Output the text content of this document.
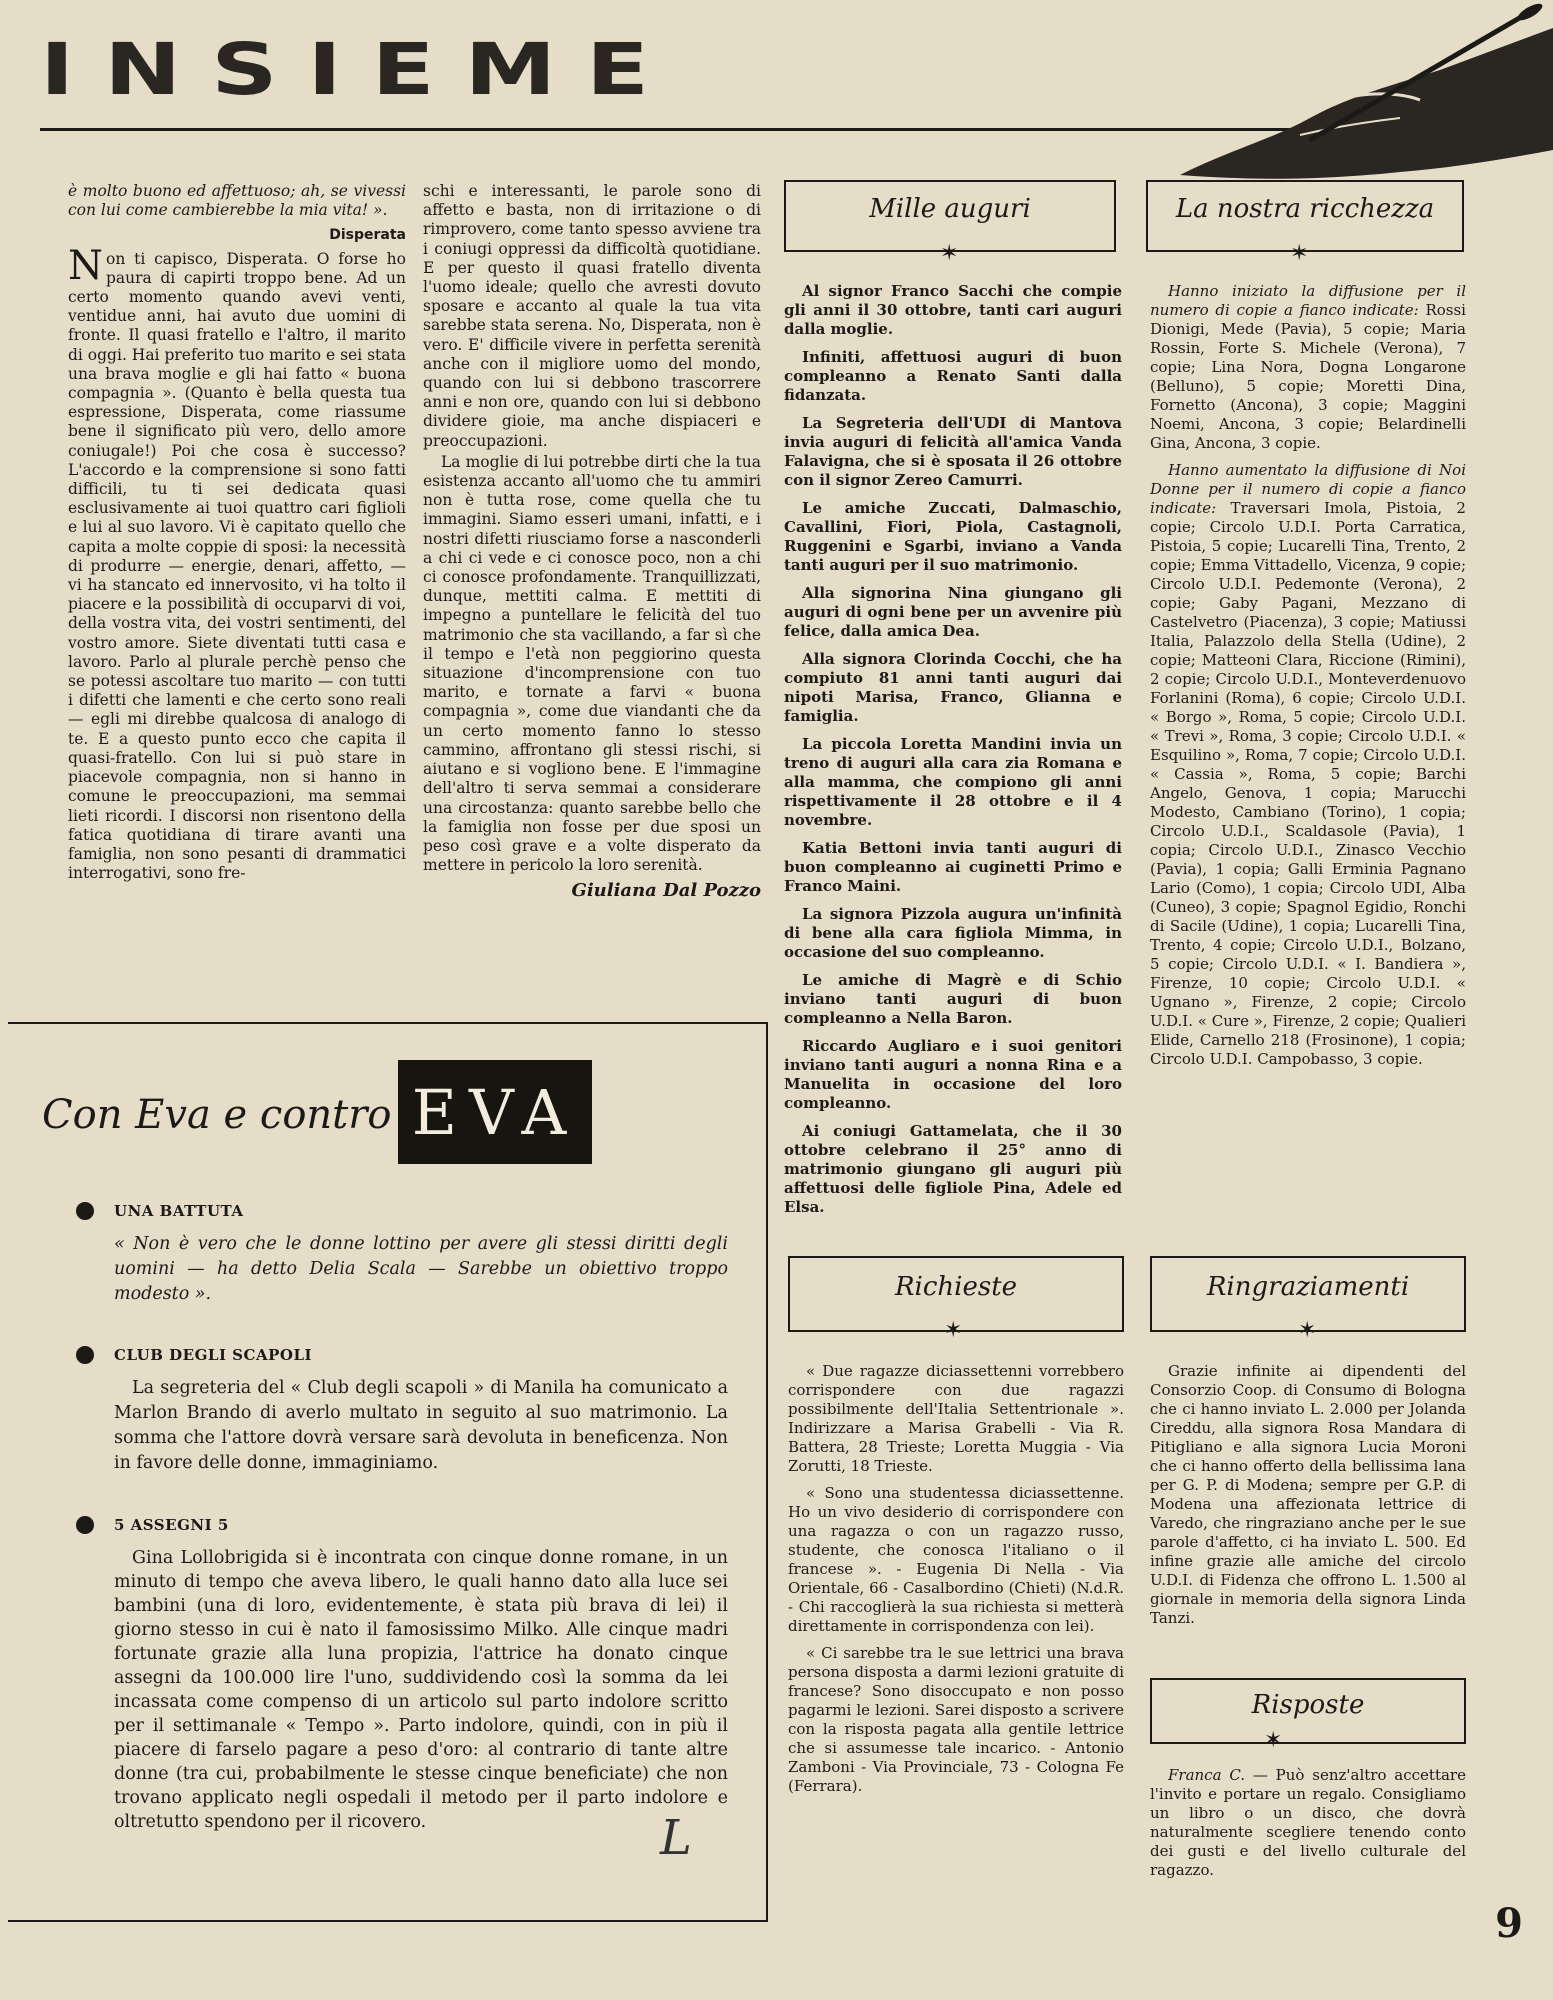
INSIEME

è molto buono ed affettuoso; ah, se vivessi con lui come cambierebbe la mia vita! ».

Disperata

Non ti capisco, Disperata. O forse ho paura di capirti troppo bene. Ad un certo momento quando avevi venti, ventidue anni, hai avuto due uomini di fronte. Il quasi fratello e l'altro, il marito di oggi. Hai preferito tuo marito e sei stata una brava moglie e gli hai fatto « buona compagnia ». (Quanto è bella questa tua espressione, Disperata, come riassume bene il significato più vero, dello amore coniugale!) Poi che cosa è successo? L'accordo e la comprensione si sono fatti difficili, tu ti sei dedicata quasi esclusivamente ai tuoi quattro cari figlioli e lui al suo lavoro. Vi è capitato quello che capita a molte coppie di sposi: la necessità di produrre — energie, denari, affetto, — vi ha stancato ed innervosito, vi ha tolto il piacere e la possibilità di occuparvi di voi, della vostra vita, dei vostri sentimenti, del vostro amore. Siete diventati tutti casa e lavoro. Parlo al plurale perchè penso che se potessi ascoltare tuo marito — con tutti i difetti che lamenti e che certo sono reali — egli mi direbbe qualcosa di analogo di te. E a questo punto ecco che capita il quasi-fratello. Con lui si può stare in piacevole compagnia, non si hanno in comune le preoccupazioni, ma semmai lieti ricordi. I discorsi non risentono della fatica quotidiana di tirare avanti una famiglia, non sono pesanti di drammatici interrogativi, sono fre-

schi e interessanti, le parole sono di affetto e basta, non di irritazione o di rimprovero, come tanto spesso avviene tra i coniugi oppressi da difficoltà quotidiane. E per questo il quasi fratello diventa l'uomo ideale; quello che avresti dovuto sposare e accanto al quale la tua vita sarebbe stata serena. No, Disperata, non è vero. E' difficile vivere in perfetta serenità anche con il migliore uomo del mondo, quando con lui si debbono trascorrere anni e non ore, quando con lui si debbono dividere gioie, ma anche dispiaceri e preoccupazioni.

La moglie di lui potrebbe dirti che la tua esistenza accanto all'uomo che tu ammiri non è tutta rose, come quella che tu immagini. Siamo esseri umani, infatti, e i nostri difetti riusciamo forse a nasconderli a chi ci vede e ci conosce poco, non a chi ci conosce profondamente. Tranquillizzati, dunque, mettiti calma. E mettiti di impegno a puntellare le felicità del tuo matrimonio che sta vacillando, a far sì che il tempo e l'età non peggiorino questa situazione d'incomprensione con tuo marito, e tornate a farvi « buona compagnia », come due viandanti che da un certo momento fanno lo stesso cammino, affrontano gli stessi rischi, si aiutano e si vogliono bene. E l'immagine dell'altro ti serva semmai a considerare una circostanza: quanto sarebbe bello che la famiglia non fosse per due sposi un peso così grave e a volte disperato da mettere in pericolo la loro serenità.

Giuliana Dal Pozzo
Mille auguri
✶

Al signor Franco Sacchi che compie gli anni il 30 ottobre, tanti cari auguri dalla moglie.

Infiniti, affettuosi auguri di buon compleanno a Renato Santi dalla fidanzata.

La Segreteria dell'UDI di Mantova invia auguri di felicità all'amica Vanda Falavigna, che si è sposata il 26 ottobre con il signor Zereo Camurri.

Le amiche Zuccati, Dalmaschio, Cavallini, Fiori, Piola, Castagnoli, Ruggenini e Sgarbi, inviano a Vanda tanti auguri per il suo matrimonio.

Alla signorina Nina giungano gli auguri di ogni bene per un avvenire più felice, dalla amica Dea.

Alla signora Clorinda Cocchi, che ha compiuto 81 anni tanti auguri dai nipoti Marisa, Franco, Glianna e famiglia.

La piccola Loretta Mandini invia un treno di auguri alla cara zia Romana e alla mamma, che compiono gli anni rispettivamente il 28 ottobre e il 4 novembre.

Katia Bettoni invia tanti auguri di buon compleanno ai cuginetti Primo e Franco Maini.

La signora Pizzola augura un'infinità di bene alla cara figliola Mimma, in occasione del suo compleanno.

Le amiche di Magrè e di Schio inviano tanti auguri di buon compleanno a Nella Baron.

Riccardo Augliaro e i suoi genitori inviano tanti auguri a nonna Rina e a Manuelita in occasione del loro compleanno.

Ai coniugi Gattamelata, che il 30 ottobre celebrano il 25° anno di matrimonio giungano gli auguri più affettuosi delle figliole Pina, Adele ed Elsa.

La nostra ricchezza
✶

Hanno iniziato la diffusione per il numero di copie a fianco indicate: Rossi Dionigi, Mede (Pavia), 5 copie; Maria Rossin, Forte S. Michele (Verona), 7 copie; Lina Nora, Dogna Longarone (Belluno), 5 copie; Moretti Dina, Fornetto (Ancona), 3 copie; Maggini Noemi, Ancona, 3 copie; Belardinelli Gina, Ancona, 3 copie.

Hanno aumentato la diffusione di Noi Donne per il numero di copie a fianco indicate: Traversari Imola, Pistoia, 2 copie; Circolo U.D.I. Porta Carratica, Pistoia, 5 copie; Lucarelli Tina, Trento, 2 copie; Emma Vittadello, Vicenza, 9 copie; Circolo U.D.I. Pedemonte (Verona), 2 copie; Gaby Pagani, Mezzano di Castelvetro (Piacenza), 3 copie; Matiussi Italia, Palazzolo della Stella (Udine), 2 copie; Matteoni Clara, Riccione (Rimini), 2 copie; Circolo U.D.I., Monteverdenuovo Forlanini (Roma), 6 copie; Circolo U.D.I. « Borgo », Roma, 5 copie; Circolo U.D.I. « Trevi », Roma, 3 copie; Circolo U.D.I. « Esquilino », Roma, 7 copie; Circolo U.D.I. « Cassia », Roma, 5 copie; Barchi Angelo, Genova, 1 copia; Marucchi Modesto, Cambiano (Torino), 1 copia; Circolo U.D.I., Scaldasole (Pavia), 1 copia; Circolo U.D.I., Zinasco Vecchio (Pavia), 1 copia; Galli Erminia Pagnano Lario (Como), 1 copia; Circolo UDI, Alba (Cuneo), 3 copie; Spagnol Egidio, Ronchi di Sacile (Udine), 1 copia; Lucarelli Tina, Trento, 4 copie; Circolo U.D.I., Bolzano, 5 copie; Circolo U.D.I. « I. Bandiera », Firenze, 10 copie; Circolo U.D.I. « Ugnano », Firenze, 2 copie; Circolo U.D.I. « Cure », Firenze, 2 copie; Qualieri Elide, Carnello 218 (Frosinone), 1 copia; Circolo U.D.I. Campobasso, 3 copie.

Con Eva e contro EVA
UNA BATTUTA
« Non è vero che le donne lottino per avere gli stessi diritti degli uomini — ha detto Delia Scala — Sarebbe un obiettivo troppo modesto ».
CLUB DEGLI SCAPOLI
La segreteria del « Club degli scapoli » di Manila ha comunicato a Marlon Brando di averlo multato in seguito al suo matrimonio. La somma che l'attore dovrà versare sarà devoluta in beneficenza. Non in favore delle donne, immaginiamo.
5 ASSEGNI 5
Gina Lollobrigida si è incontrata con cinque donne romane, in un minuto di tempo che aveva libero, le quali hanno dato alla luce sei bambini (una di loro, evidentemente, è stata più brava di lei) il giorno stesso in cui è nato il famosissimo Milko. Alle cinque madri fortunate grazie alla luna propizia, l'attrice ha donato cinque assegni da 100.000 lire l'uno, suddividendo così la somma da lei incassata come compenso di un articolo sul parto indolore scritto per il settimanale « Tempo ». Parto indolore, quindi, con in più il piacere di farselo pagare a peso d'oro: al contrario di tante altre donne (tra cui, probabilmente le stesse cinque beneficiate) che non trovano applicato negli ospedali il metodo per il parto indolore e oltretutto spendono per il ricovero.	L
Richieste
✶

« Due ragazze diciassettenni vorrebbero corrispondere con due ragazzi possibilmente dell'Italia Settentrionale ». Indirizzare a Marisa Grabelli - Via R. Battera, 28 Trieste; Loretta Muggia - Via Zorutti, 18 Trieste.

« Sono una studentessa diciassettenne. Ho un vivo desiderio di corrispondere con una ragazza o con un ragazzo russo, studente, che conosca l'italiano o il francese ». - Eugenia Di Nella - Via Orientale, 66 - Casalbordino (Chieti) (N.d.R. - Chi raccoglierà la sua richiesta si metterà direttamente in corrispondenza con lei).

« Ci sarebbe tra le sue lettrici una brava persona disposta a darmi lezioni gratuite di francese? Sono disoccupato e non posso pagarmi le lezioni. Sarei disposto a scrivere con la risposta pagata alla gentile lettrice che si assumesse tale incarico. - Antonio Zamboni - Via Provinciale, 73 - Cologna Fe (Ferrara).

Ringraziamenti
✶

Grazie infinite ai dipendenti del Consorzio Coop. di Consumo di Bologna che ci hanno inviato L. 2.000 per Jolanda Cireddu, alla signora Rosa Mandara di Pitigliano e alla signora Lucia Moroni che ci hanno offerto della bellissima lana per G. P. di Modena; sempre per G.P. di Modena una affezionata lettrice di Varedo, che ringraziano anche per le sue parole d'affetto, ci ha inviato L. 500. Ed infine grazie alle amiche del circolo U.D.I. di Fidenza che offrono L. 1.500 al giornale in memoria della signora Linda Tanzi.

Risposte
✶

Franca C. — Può senz'altro accettare l'invito e portare un regalo. Consigliamo un libro o un disco, che dovrà naturalmente scegliere tenendo conto dei gusti e del livello culturale del ragazzo.

9
